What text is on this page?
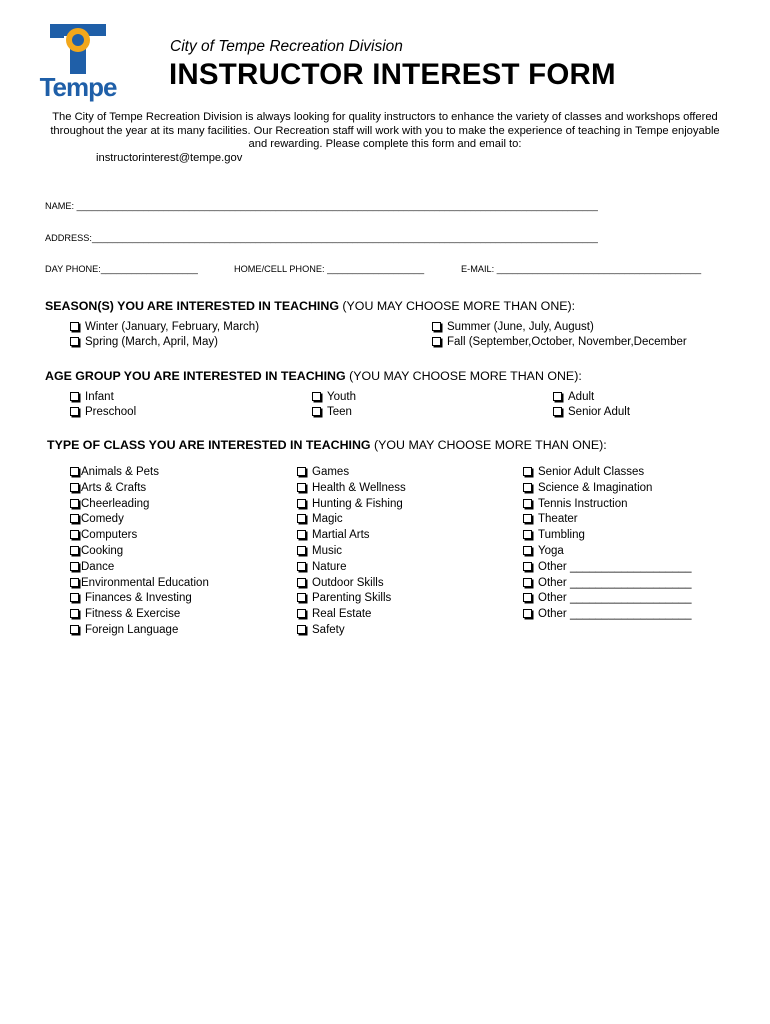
Tempe
City of Tempe Recreation Division
INSTRUCTOR INTEREST FORM
The City of Tempe Recreation Division is always looking for quality instructors to enhance the variety of classes and workshops offered throughout the year at its many facilities. Our Recreation staff will work with you to make the experience of teaching in Tempe enjoyable and rewarding. Please complete this form and email to:
instructorinterest@tempe.gov
NAME: ______________________________________________________________________________________________________
ADDRESS:___________________________________________________________________________________________________
DAY PHONE:___________________	HOME/CELL PHONE: ___________________	E-MAIL: ________________________________________
SEASON(S) YOU ARE INTERESTED IN TEACHING (YOU MAY CHOOSE MORE THAN ONE):
Winter (January, February, March)
Spring (March, April, May)
Summer (June, July, August)
Fall (September,October, November,December
AGE GROUP YOU ARE INTERESTED IN TEACHING (YOU MAY CHOOSE MORE THAN ONE):
Infant
Preschool
Youth
Teen
Adult
Senior Adult
TYPE OF CLASS YOU ARE INTERESTED IN TEACHING (YOU MAY CHOOSE MORE THAN ONE):
Animals & Pets
Arts & Crafts
Cheerleading
Comedy
Computers
Cooking
Dance
Environmental Education
Finances & Investing
Fitness & Exercise
Foreign Language
Games
Health & Wellness
Hunting & Fishing
Magic
Martial Arts
Music
Nature
Outdoor Skills
Parenting Skills
Real Estate
Safety
Senior Adult Classes
Science & Imagination
Tennis Instruction
Theater
Tumbling
Yoga
Other ___________________
Other ___________________
Other ___________________
Other ___________________
